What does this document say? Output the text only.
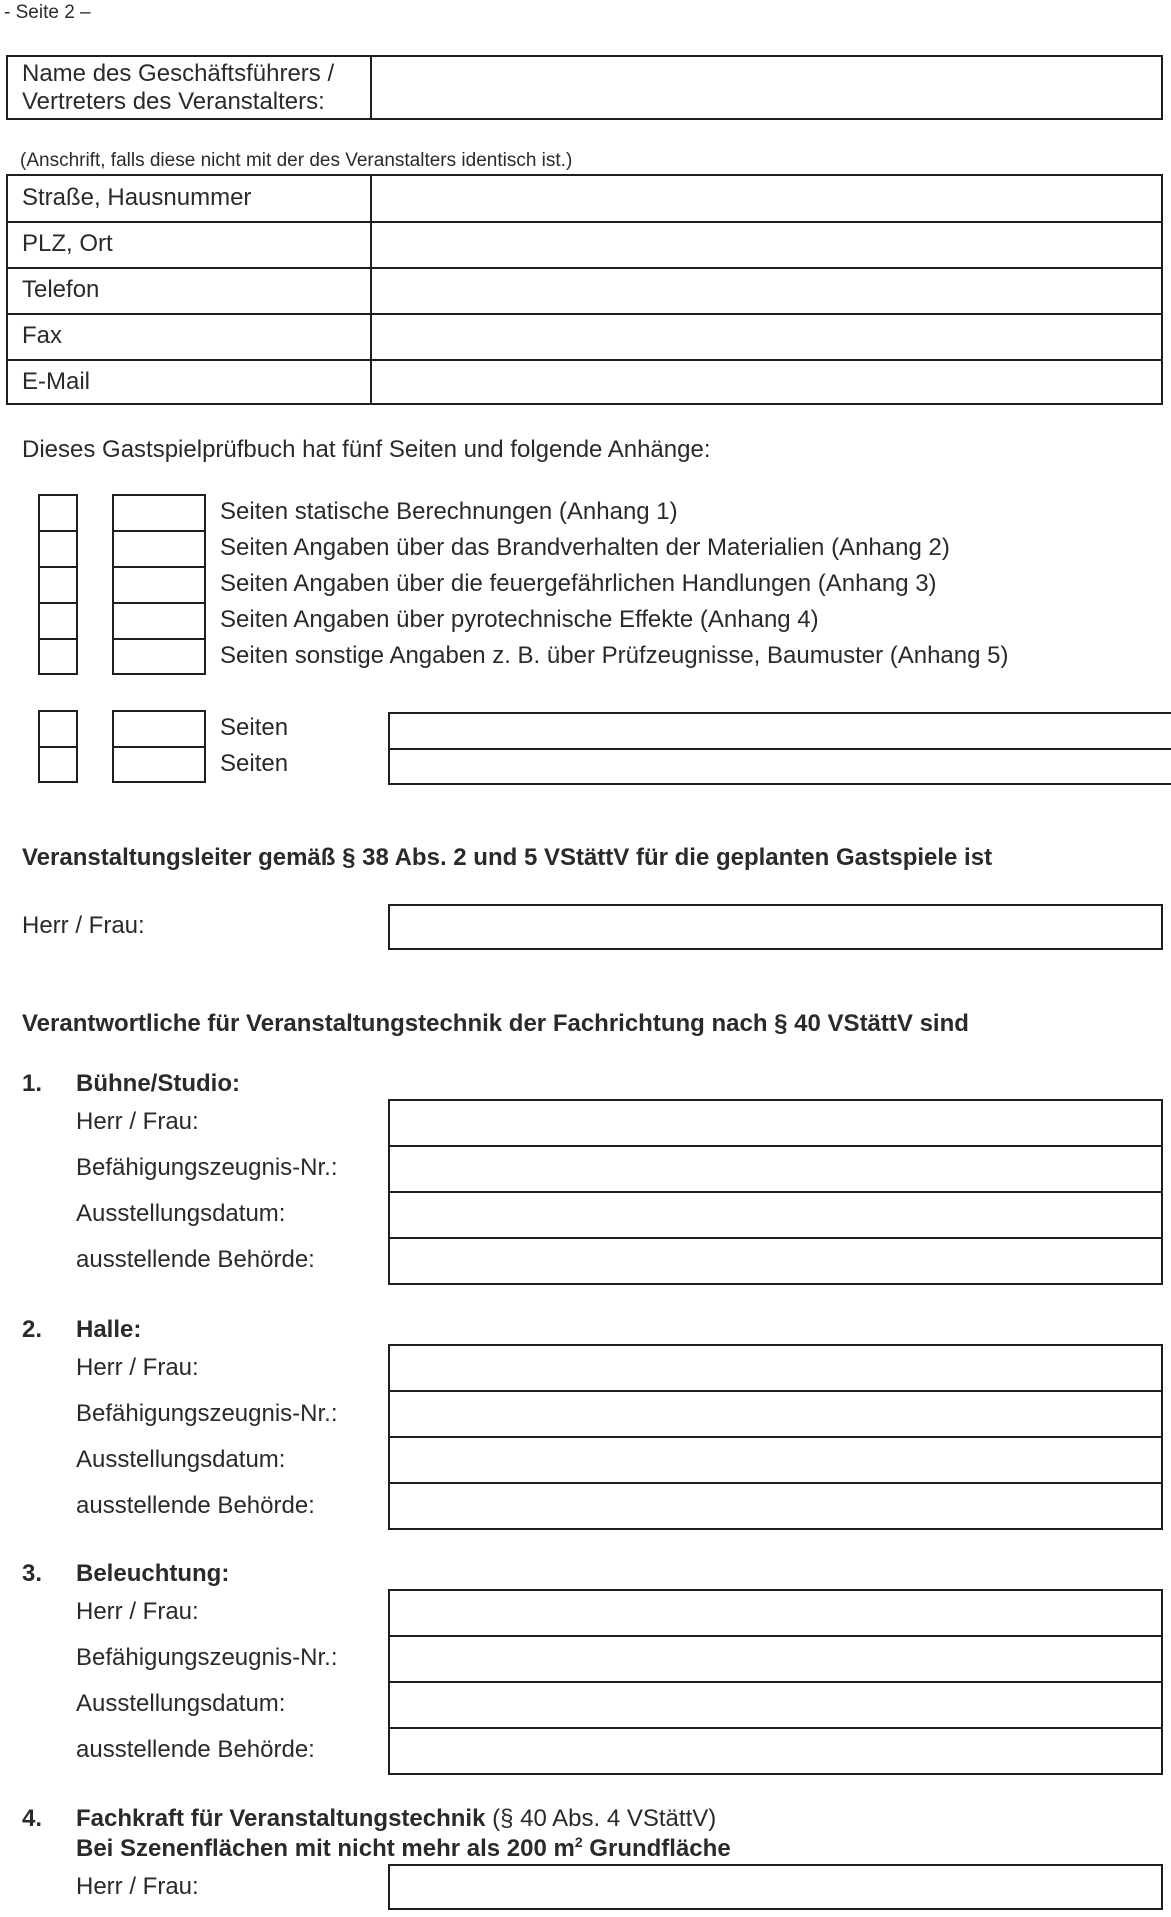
- Seite 2 –
Name des Geschäftsführers /
Vertreters des Veranstalters:
(Anschrift, falls diese nicht mit der des Veranstalters identisch ist.)
Straße, Hausnummer
PLZ, Ort
Telefon
Fax
E-Mail
Dieses Gastspielprüfbuch hat fünf Seiten und folgende Anhänge:
Seiten statische Berechnungen (Anhang 1)
Seiten Angaben über das Brandverhalten der Materialien (Anhang 2)
Seiten Angaben über die feuergefährlichen Handlungen (Anhang 3)
Seiten Angaben über pyrotechnische Effekte (Anhang 4)
Seiten sonstige Angaben z. B. über Prüfzeugnisse, Baumuster (Anhang 5)
Seiten
Seiten
Veranstaltungsleiter gemäß § 38 Abs. 2 und 5 VStättV für die geplanten Gastspiele ist
Herr / Frau:
Verantwortliche für Veranstaltungstechnik der Fachrichtung nach § 40 VStättV sind
1. Bühne/Studio:
Herr / Frau:
Befähigungszeugnis-Nr.:
Ausstellungsdatum:
ausstellende Behörde:
2. Halle:
Herr / Frau:
Befähigungszeugnis-Nr.:
Ausstellungsdatum:
ausstellende Behörde:
3. Beleuchtung:
Herr / Frau:
Befähigungszeugnis-Nr.:
Ausstellungsdatum:
ausstellende Behörde:
4. Fachkraft für Veranstaltungstechnik (§ 40 Abs. 4 VStättV)
Bei Szenenflächen mit nicht mehr als 200 $m^2$ Grundfläche
Herr / Frau:
